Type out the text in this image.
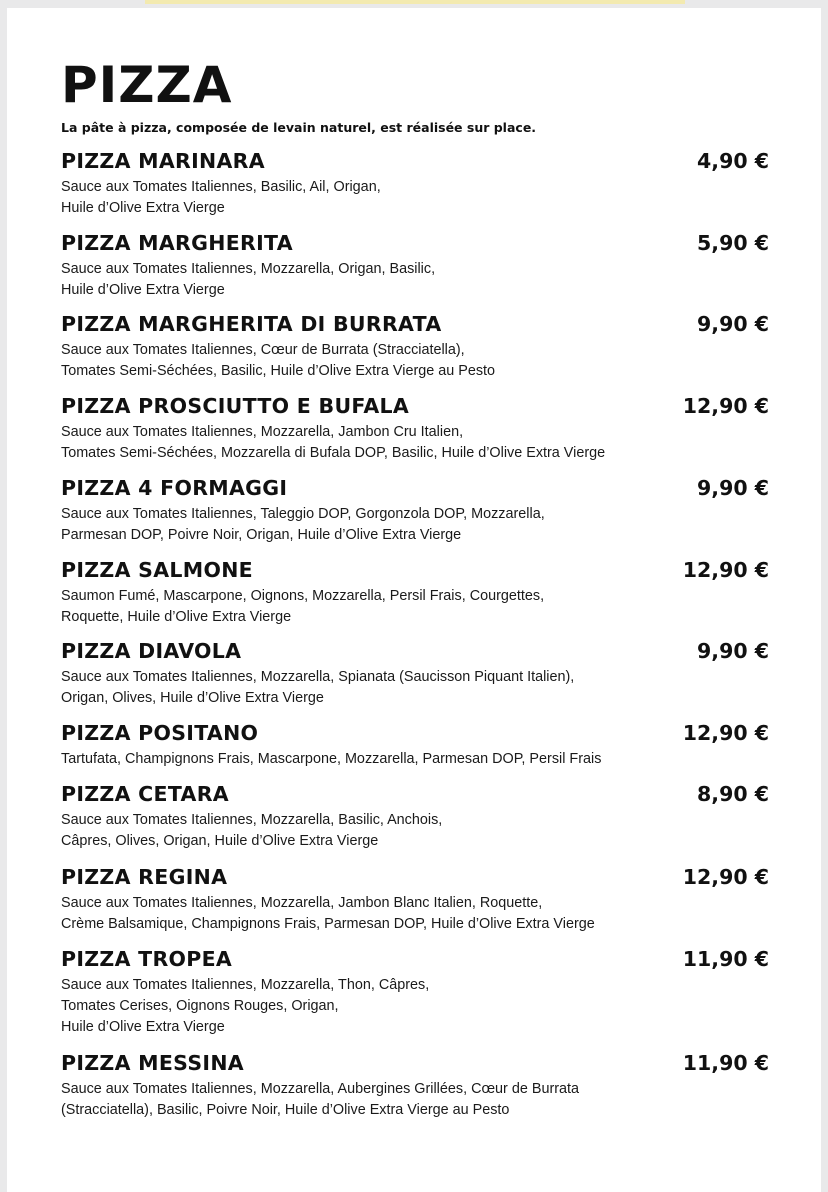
PIZZA
La pâte à pizza, composée de levain naturel, est réalisée sur place.
PIZZA MARINARA	4,90 €
Sauce aux Tomates Italiennes, Basilic, Ail, Origan,
Huile d’Olive Extra Vierge
PIZZA MARGHERITA	5,90 €
Sauce aux Tomates Italiennes, Mozzarella, Origan, Basilic,
Huile d’Olive Extra Vierge
PIZZA MARGHERITA DI BURRATA	9,90 €
Sauce aux Tomates Italiennes, Cœur de Burrata (Stracciatella),
Tomates Semi-Séchées, Basilic, Huile d’Olive Extra Vierge au Pesto
PIZZA PROSCIUTTO E BUFALA	12,90 €
Sauce aux Tomates Italiennes, Mozzarella, Jambon Cru Italien,
Tomates Semi-Séchées, Mozzarella di Bufala DOP, Basilic, Huile d’Olive Extra Vierge
PIZZA 4 FORMAGGI	9,90 €
Sauce aux Tomates Italiennes, Taleggio DOP, Gorgonzola DOP, Mozzarella,
Parmesan DOP, Poivre Noir, Origan, Huile d’Olive Extra Vierge
PIZZA SALMONE	12,90 €
Saumon Fumé, Mascarpone, Oignons, Mozzarella, Persil Frais, Courgettes,
Roquette, Huile d’Olive Extra Vierge
PIZZA DIAVOLA	9,90 €
Sauce aux Tomates Italiennes, Mozzarella, Spianata (Saucisson Piquant Italien),
Origan, Olives, Huile d’Olive Extra Vierge
PIZZA POSITANO	12,90 €
Tartufata, Champignons Frais, Mascarpone, Mozzarella, Parmesan DOP, Persil Frais
PIZZA CETARA	8,90 €
Sauce aux Tomates Italiennes, Mozzarella, Basilic, Anchois,
Câpres, Olives, Origan, Huile d’Olive Extra Vierge
PIZZA REGINA	12,90 €
Sauce aux Tomates Italiennes, Mozzarella, Jambon Blanc Italien, Roquette,
Crème Balsamique, Champignons Frais, Parmesan DOP, Huile d’Olive Extra Vierge
PIZZA TROPEA	11,90 €
Sauce aux Tomates Italiennes, Mozzarella, Thon, Câpres,
Tomates Cerises, Oignons Rouges, Origan,
Huile d’Olive Extra Vierge
PIZZA MESSINA	11,90 €
Sauce aux Tomates Italiennes, Mozzarella, Aubergines Grillées, Cœur de Burrata
(Stracciatella), Basilic, Poivre Noir, Huile d’Olive Extra Vierge au Pesto
